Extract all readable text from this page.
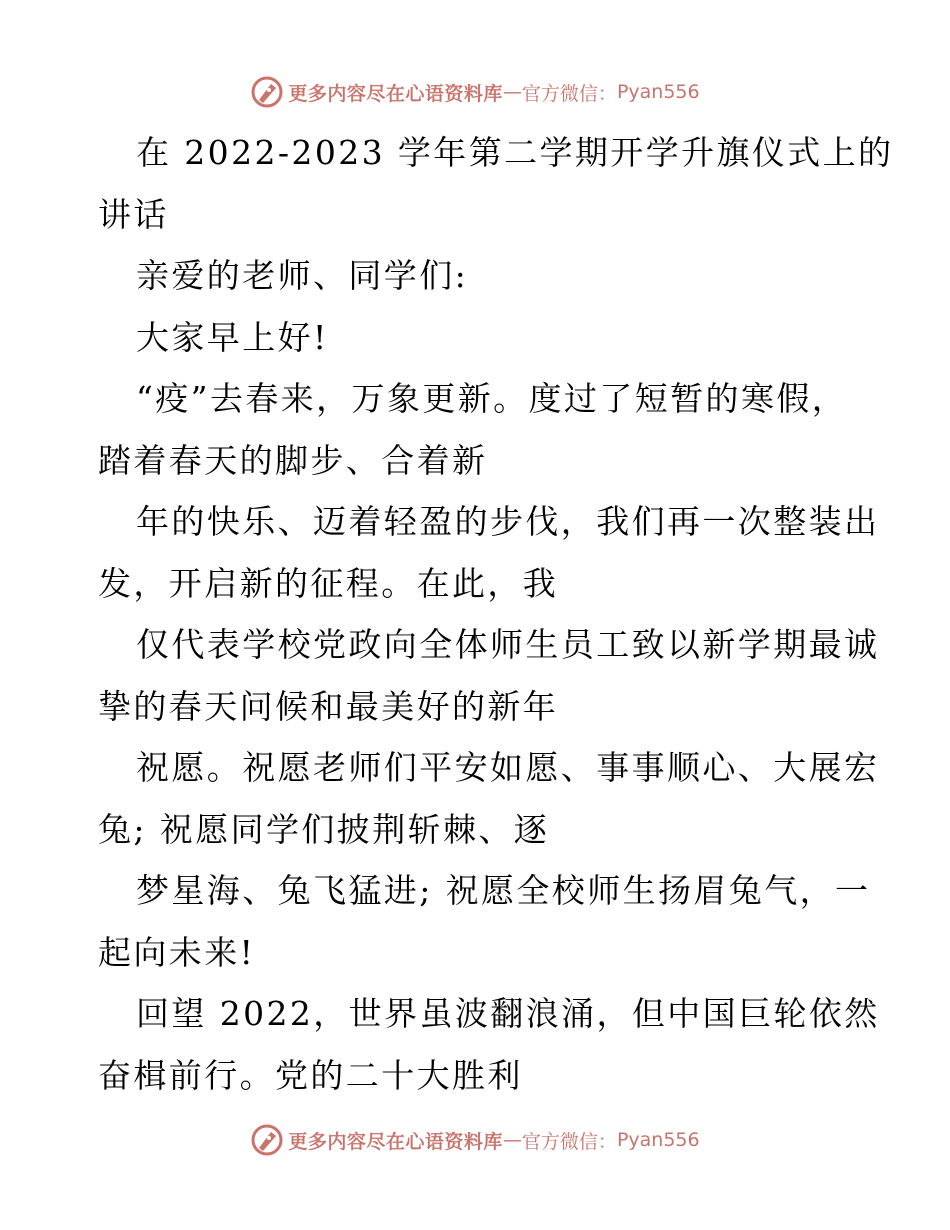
更多内容尽在心语资料库 — 官方微信： Pyan556
在 2022-2023 学年第二学期开学升旗仪式上的
讲话
亲爱的老师、同学们:
大家早上好!
“疫”去春来，万象更新。度过了短暂的寒假，
踏着春天的脚步、合着新
年的快乐、迈着轻盈的步伐，我们再一次整装出
发，开启新的征程。在此，我
仅代表学校党政向全体师生员工致以新学期最诚
挚的春天问候和最美好的新年
祝愿。祝愿老师们平安如愿、事事顺心、大展宏
兔; 祝愿同学们披荆斩棘、逐
梦星海、兔飞猛进; 祝愿全校师生扬眉兔气，一
起向未来!
回望 2022，世界虽波翻浪涌，但中国巨轮依然
奋楫前行。党的二十大胜利
更多内容尽在心语资料库 — 官方微信： Pyan556
